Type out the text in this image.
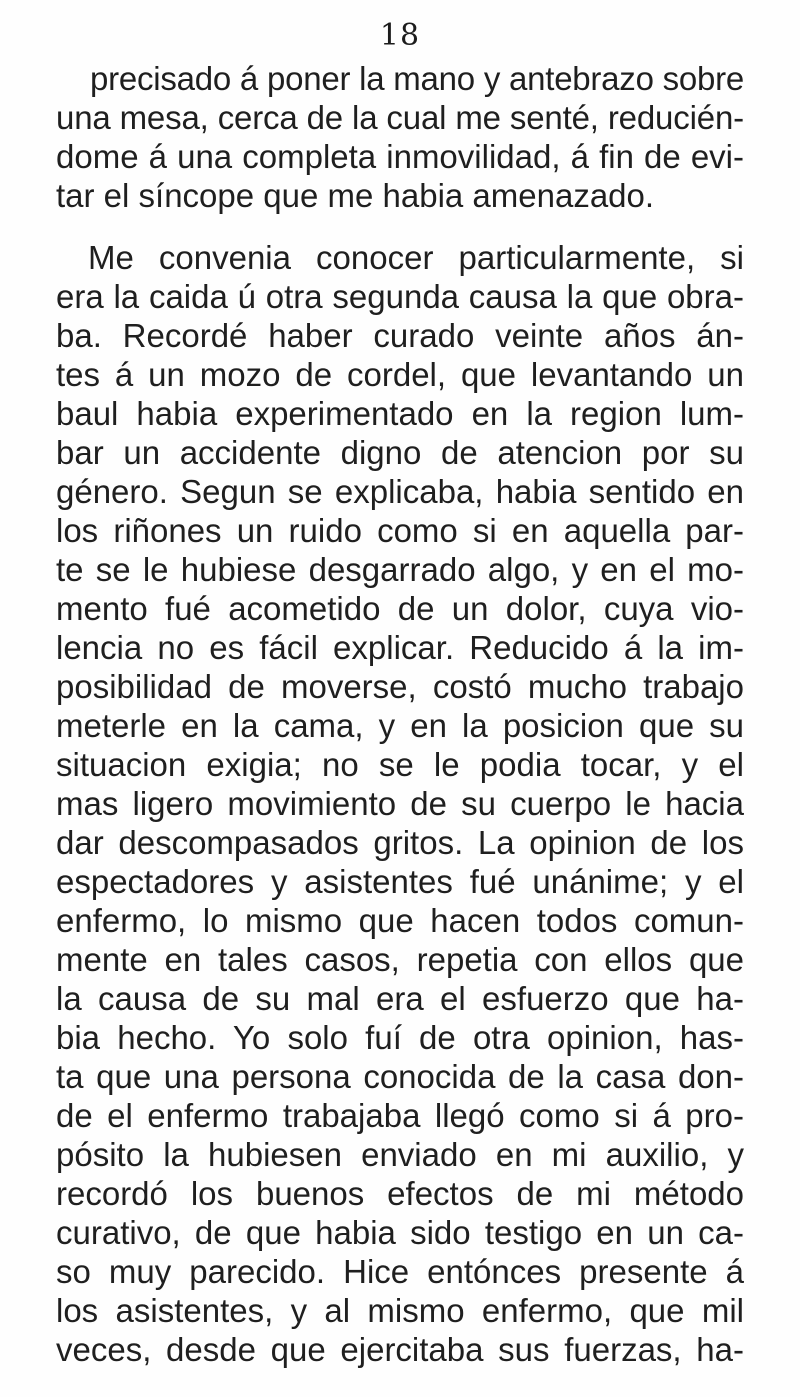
18
precisado á poner la mano y antebrazo sobre
una mesa, cerca de la cual me senté, reducién-
dome á una completa inmovilidad, á fin de evi-
tar el síncope que me habia amenazado.
Me convenia conocer particularmente, si
era la caida ú otra segunda causa la que obra-
ba. Recordé haber curado veinte años án-
tes á un mozo de cordel, que levantando un
baul habia experimentado en la region lum-
bar un accidente digno de atencion por su
género. Segun se explicaba, habia sentido en
los riñones un ruido como si en aquella par-
te se le hubiese desgarrado algo, y en el mo-
mento fué acometido de un dolor, cuya vio-
lencia no es fácil explicar. Reducido á la im-
posibilidad de moverse, costó mucho trabajo
meterle en la cama, y en la posicion que su
situacion exigia; no se le podia tocar, y el
mas ligero movimiento de su cuerpo le hacia
dar descompasados gritos. La opinion de los
espectadores y asistentes fué unánime; y el
enfermo, lo mismo que hacen todos comun-
mente en tales casos, repetia con ellos que
la causa de su mal era el esfuerzo que ha-
bia hecho. Yo solo fuí de otra opinion, has-
ta que una persona conocida de la casa don-
de el enfermo trabajaba llegó como si á pro-
pósito la hubiesen enviado en mi auxilio, y
recordó los buenos efectos de mi método
curativo, de que habia sido testigo en un ca-
so muy parecido. Hice entónces presente á
los asistentes, y al mismo enfermo, que mil
veces, desde que ejercitaba sus fuerzas, ha-
